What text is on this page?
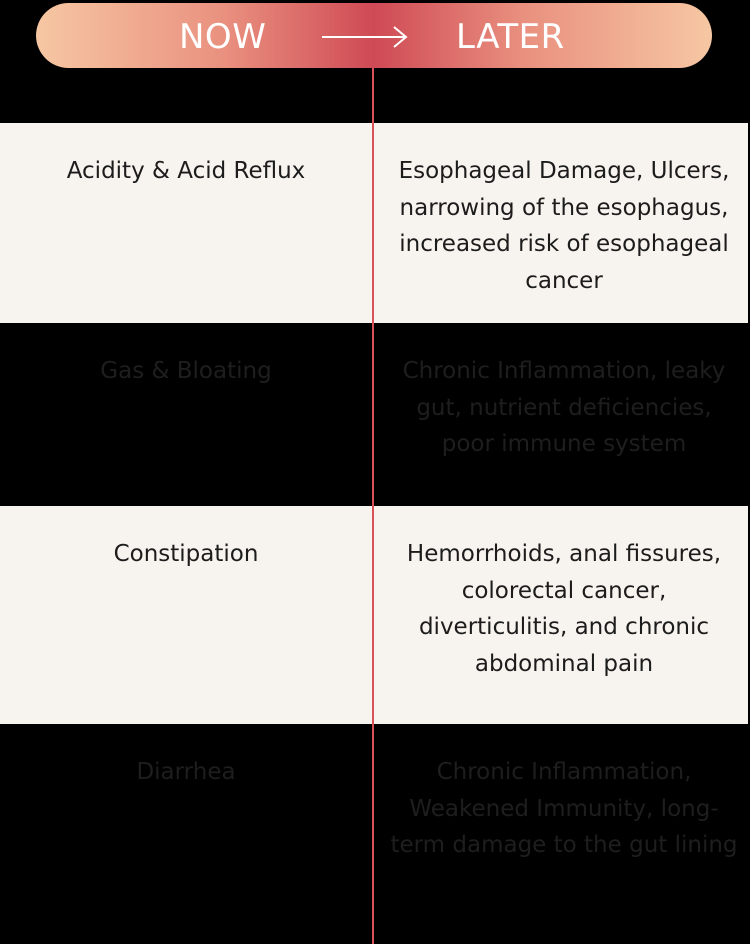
NOW	LATER
Acidity & Acid Reflux	Esophageal Damage, Ulcers, narrowing of the esophagus, increased risk of esophageal cancer
Gas & Bloating	Chronic Inflammation, leaky gut, nutrient deficiencies, poor immune system
Constipation	Hemorrhoids, anal fissures, colorectal cancer, diverticulitis, and chronic abdominal pain
Diarrhea	Chronic Inflammation, Weakened Immunity, long-term damage to the gut lining
